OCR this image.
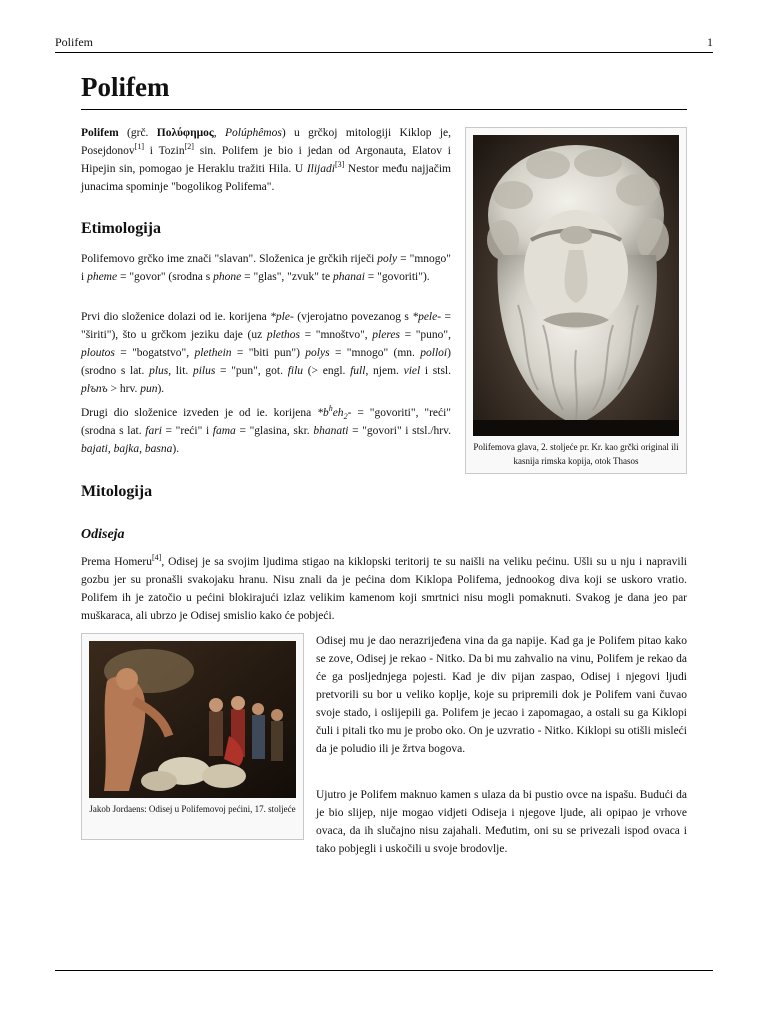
Polifem	1
Polifem

Polifem (grč. Πολύφημος, Polúphêmos) u grčkoj mitologiji Kiklop je, Posejdonov[1] i Tozin[2] sin. Polifem je bio i jedan od Argonauta, Elatov i Hipejin sin, pomogao je Heraklu tražiti Hila. U Ilijadi[3] Nestor među najjačim junacima spominje "bogolikog Polifema".

Polifemova glava, 2. stoljeće pr. Kr. kao grčki original ili kasnija rimska kopija, otok Thasos
Etimologija

Polifemovo grčko ime znači "slavan". Složenica je grčkih riječi poly = "mnogo" i pheme = "govor" (srodna s phone = "glas", "zvuk" te phanai = "govoriti").

Prvi dio složenice dolazi od ie. korijena *ple- (vjerojatno povezanog s *pele- = "širiti"), što u grčkom jeziku daje (uz plethos = "mnoštvo", pleres = "puno", ploutos = "bogatstvo", plethein = "biti pun") polys = "mnogo" (mn. polloi) (srodno s lat. plus, lit. pilus = "pun", got. filu (> engl. full, njem. viel i stsl. plъnъ > hrv. pun).

Drugi dio složenice izveden je od ie. korijena $*b^heh_2-$ = "govoriti", "reći" (srodna s lat. fari = "reći" i fama = "glasina, skr. bhanati = "govori" i stsl./hrv. bajati, bajka, basna).

Mitologija
Odiseja

Prema Homeru[4], Odisej je sa svojim ljudima stigao na kiklopski teritorij te su naišli na veliku pećinu. Ušli su u nju i napravili gozbu jer su pronašli svakojaku hranu. Nisu znali da je pećina dom Kiklopa Polifema, jednookog diva koji se uskoro vratio. Polifem ih je zatočio u pećini blokirajući izlaz velikim kamenom koji smrtnici nisu mogli pomaknuti. Svakog je dana jeo par muškaraca, ali ubrzo je Odisej smislio kako će pobjeći.

Jakob Jordaens: Odisej u Polifemovoj pećini, 17. stoljeće

Odisej mu je dao nerazrijeđena vina da ga napije. Kad ga je Polifem pitao kako se zove, Odisej je rekao - Nitko. Da bi mu zahvalio na vinu, Polifem je rekao da će ga posljednjega pojesti. Kad je div pijan zaspao, Odisej i njegovi ljudi pretvorili su bor u veliko koplje, koje su pripremili dok je Polifem vani čuvao svoje stado, i oslijepili ga. Polifem je jecao i zapomagao, a ostali su ga Kiklopi čuli i pitali tko mu je probo oko. On je uzvratio - Nitko. Kiklopi su otišli misleći da je poludio ili je žrtva bogova.

Ujutro je Polifem maknuo kamen s ulaza da bi pustio ovce na ispašu. Budući da je bio slijep, nije mogao vidjeti Odiseja i njegove ljude, ali opipao je vrhove ovaca, da ih slučajno nisu zajahali. Međutim, oni su se privezali ispod ovaca i tako pobjegli i uskočili u svoje brodovlje.
